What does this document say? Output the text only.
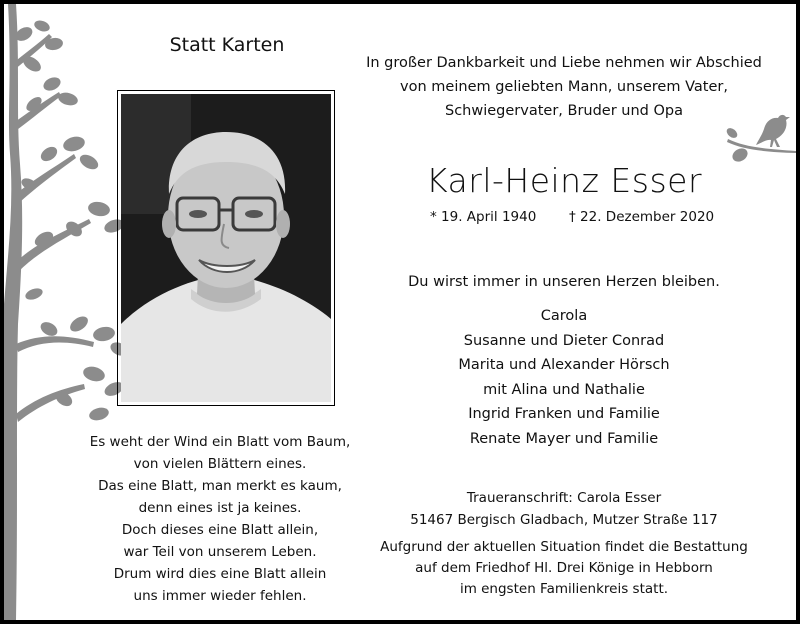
Statt Karten
Es weht der Wind ein Blatt vom Baum,
von vielen Blättern eines.
Das eine Blatt, man merkt es kaum,
denn eines ist ja keines.
Doch dieses eine Blatt allein,
war Teil von unserem Leben.
Drum wird dies eine Blatt allein
uns immer wieder fehlen.
In großer Dankbarkeit und Liebe nehmen wir Abschied
von meinem geliebten Mann, unserem Vater,
Schwiegervater, Bruder und Opa
Karl-Heinz Esser
* 19. April 1940 † 22. Dezember 2020
Du wirst immer in unseren Herzen bleiben.
Carola
Susanne und Dieter Conrad
Marita und Alexander Hörsch
mit Alina und Nathalie
Ingrid Franken und Familie
Renate Mayer und Familie
Traueranschrift: Carola Esser
51467 Bergisch Gladbach, Mutzer Straße 117
Aufgrund der aktuellen Situation findet die Bestattung
auf dem Friedhof Hl. Drei Könige in Hebborn
im engsten Familienkreis statt.
